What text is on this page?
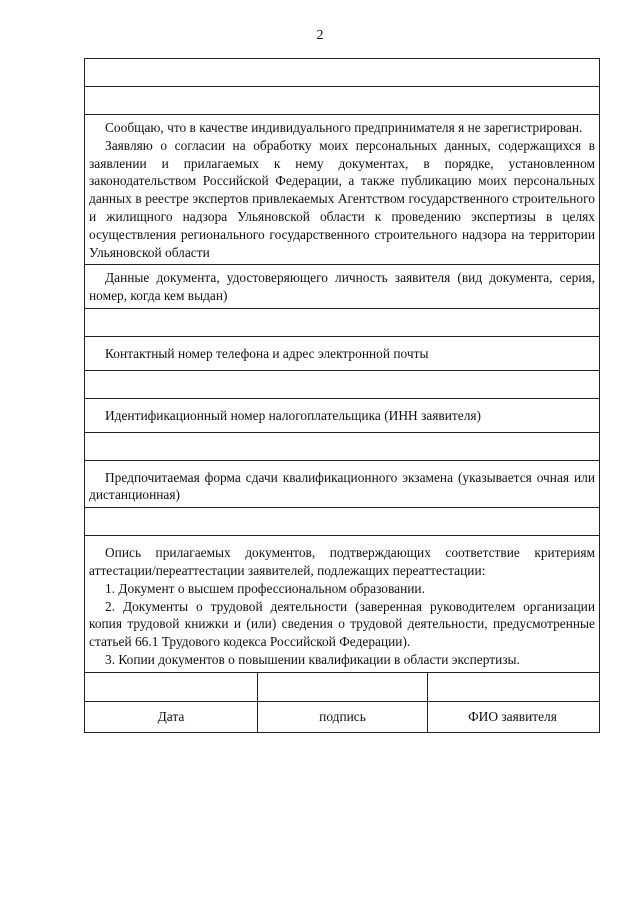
2

Сообщаю, что в качестве индивидуального предпринимателя я не зарегистрирован.

Заявляю о согласии на обработку моих персональных данных, содержащихся в заявлении и прилагаемых к нему документах, в порядке, установленном законодательством Российской Федерации, а также публикацию моих персональных данных в реестре экспертов привлекаемых Агентством государственного строительного и жилищного надзора Ульяновской области к проведению экспертизы в целях осуществления регионального государственного строительного надзора на территории Ульяновской области

Данные документа, удостоверяющего личность заявителя (вид документа, серия, номер, когда кем выдан)

Контактный номер телефона и адрес электронной почты

Идентификационный номер налогоплательщика (ИНН заявителя)

Предпочитаемая форма сдачи квалификационного экзамена (указывается очная или дистанционная)

Опись прилагаемых документов, подтверждающих соответствие критериям аттестации/переаттестации заявителей, подлежащих переаттестации:

1. Документ о высшем профессиональном образовании.

2. Документы о трудовой деятельности (заверенная руководителем организации копия трудовой книжки и (или) сведения о трудовой деятельности, предусмотренные статьей 66.1 Трудового кодекса Российской Федерации).

3. Копии документов о повышении квалификации в области экспертизы.

Дата	подпись	ФИО заявителя
